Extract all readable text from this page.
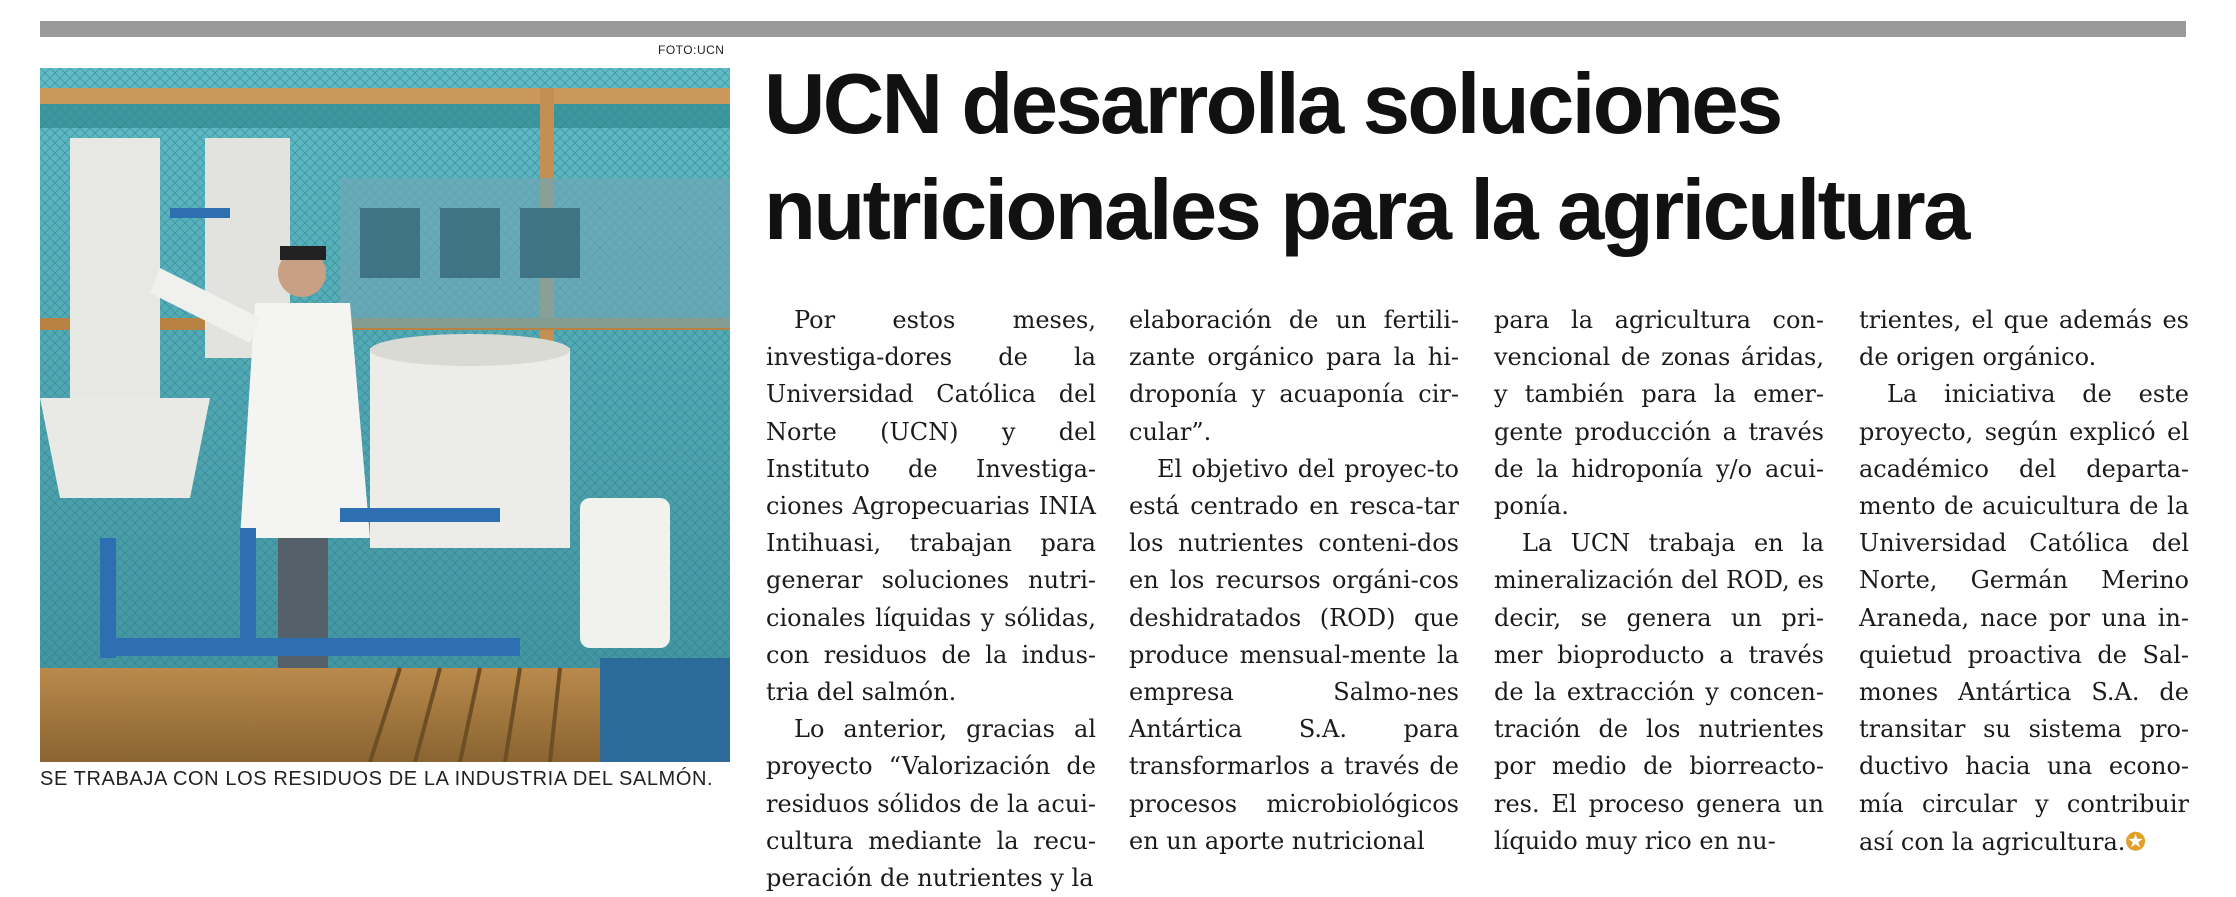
FOTO:UCN
SE TRABAJA CON LOS RESIDUOS DE LA INDUSTRIA DEL SALMÓN.
UCN desarrolla soluciones
nutricionales para la agricultura

Por estos meses, investiga-dores de la Universidad Católica del Norte (UCN) y del Instituto de Investiga-ciones Agropecuarias INIA Intihuasi, trabajan para generar soluciones nutri-cionales líquidas y sólidas, con residuos de la indus-tria del salmón.

Lo anterior, gracias al proyecto “Valorización de residuos sólidos de la acui-cultura mediante la recu-peración de nutrientes y la

elaboración de un fertili-zante orgánico para la hi-droponía y acuaponía cir-cular”.

El objetivo del proyec-to está centrado en resca-tar los nutrientes conteni-dos en los recursos orgáni-cos deshidratados (ROD) que produce mensual-mente la empresa Salmo-nes Antártica S.A. para transformarlos a través de procesos microbiológicos en un aporte nutricional

para la agricultura con-vencional de zonas áridas, y también para la emer-gente producción a través de la hidroponía y/o acui-ponía.

La UCN trabaja en la mineralización del ROD, es decir, se genera un pri-mer bioproducto a través de la extracción y concen-tración de los nutrientes por medio de biorreacto-res. El proceso genera un líquido muy rico en nu-

trientes, el que además es de origen orgánico.

La iniciativa de este proyecto, según explicó el académico del departa-mento de acuicultura de la Universidad Católica del Norte, Germán Merino Araneda, nace por una in-quietud proactiva de Sal-mones Antártica S.A. de transitar su sistema pro-ductivo hacia una econo-mía circular y contribuir así con la agricultura.✪
